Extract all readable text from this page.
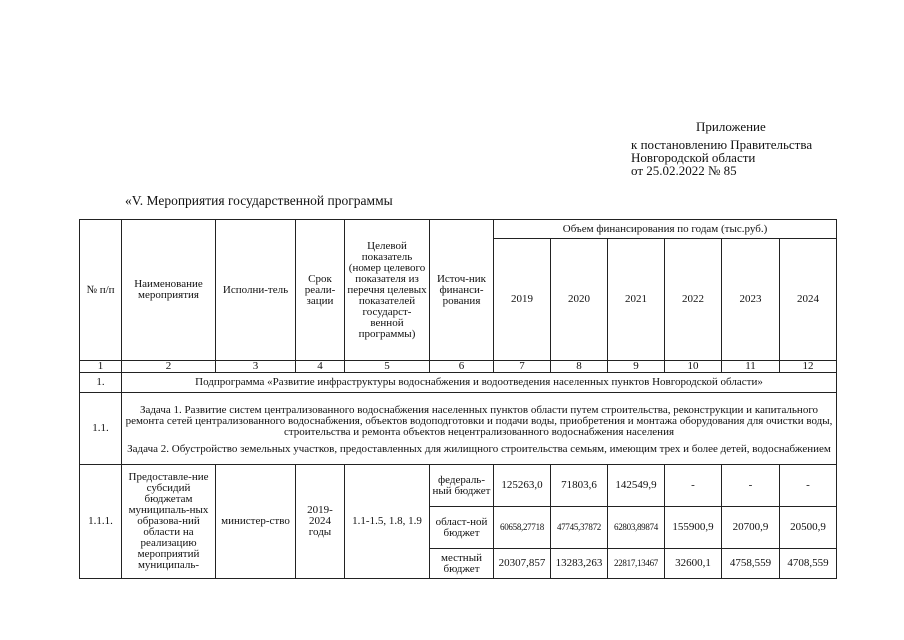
Приложение
к постановлению Правительства
Новгородской области
от 25.02.2022 № 85
«V. Мероприятия государственной программы
№ п/п	Наименование мероприятия	Исполни-тель	Срок реали-зации	Целевой показатель (номер целевого показателя из перечня целевых показателей государст-венной программы)	Источ-ник финанси-рования	Объем финансирования по годам (тыс.руб.)					
						2019	2020	2021	2022	2023	2024
1	2	3	4	5	6	7	8	9	10	11	12
1.	Подпрограмма «Развитие инфраструктуры водоснабжения и водоотведения населенных пунктов Новгородской области»										
1.1.	Задача 1. Развитие систем централизованного водоснабжения населенных пунктов области путем строительства, реконструкции и капитального ремонта сетей централизованного водоснабжения, объектов водоподготовки и подачи воды, приобретения и монтажа оборудования для очистки воды, строительства и ремонта объектов нецентрализованного водоснабжения населения
Задача 2. Обустройство земельных участков, предоставленных для жилищного строительства семьям, имеющим трех и более детей, водоснабжением										

1.1.1.	Предоставле-ние субсидий бюджетам муниципаль-ных образова-ний области на реализацию мероприятий муниципаль-	министер-ство	2019-2024 годы	1.1-1.5, 1.8, 1.9	федераль-ный бюджет	125263,0	71803,6	142549,9	-	-	-
					област-ной бюджет	60658,27718	47745,37872	62803,89874	155900,9	20700,9	20500,9
					местный бюджет	20307,857	13283,263	22817,13467	32600,1	4758,559	4708,559
